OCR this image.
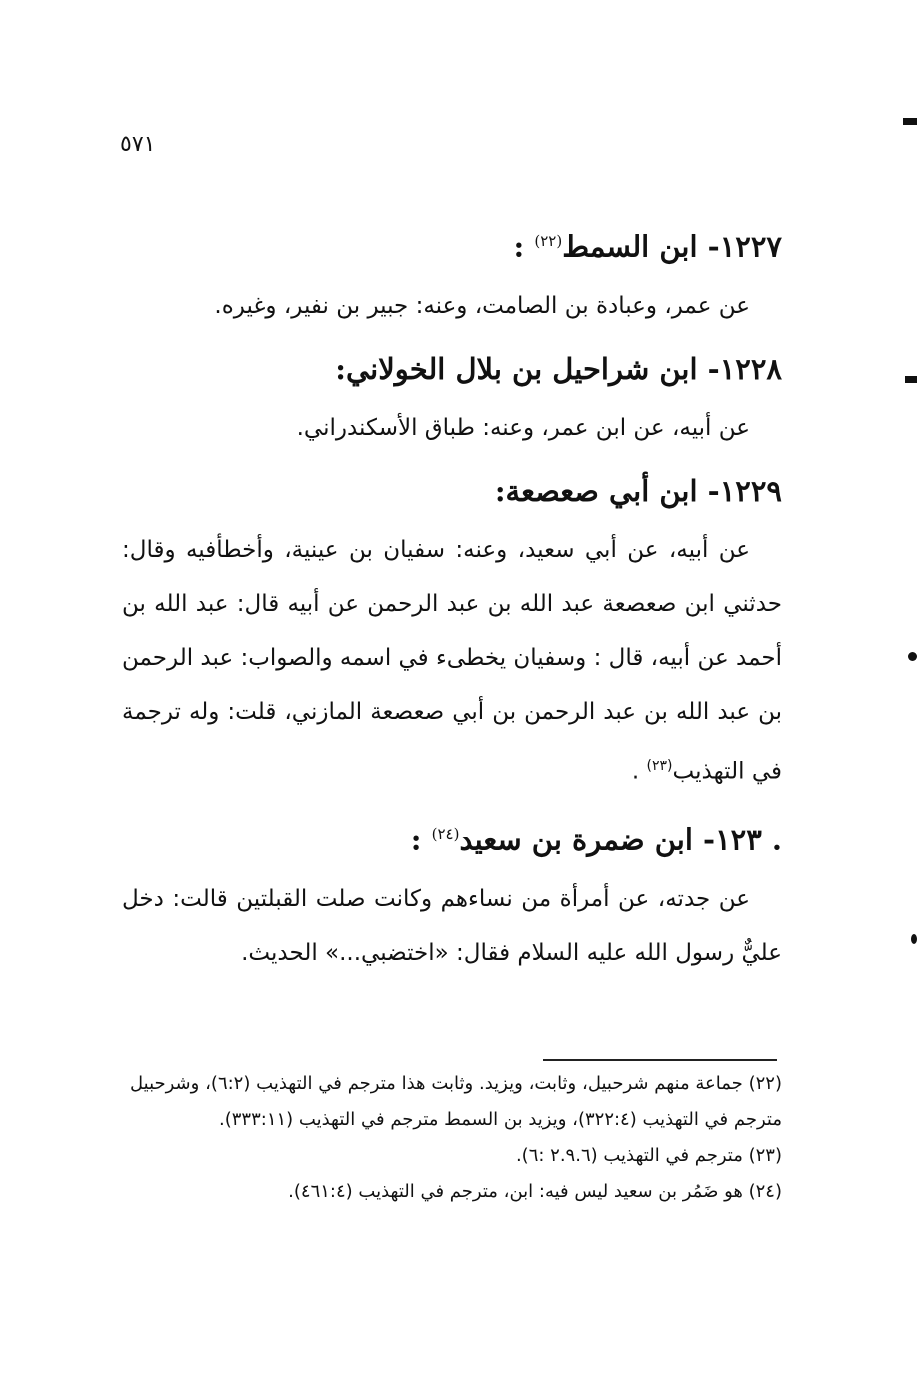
٥٧١
١٢٢٧- ابن السمط$^{(٢٢)}$ :

عن عمر، وعبادة بن الصامت، وعنه: جبير بن نفير، وغيره.

١٢٢٨- ابن شراحيل بن بلال الخولاني:

عن أبيه، عن ابن عمر، وعنه: طباق الأسكندراني.

١٢٢٩- ابن أبي صعصعة:

عن أبيه، عن أبي سعيد، وعنه: سفيان بن عينية، وأخطأفيه وقال: حدثني ابن صعصعة عبد الله بن عبد الرحمن عن أبيه قال: عبد الله بن أحمد عن أبيه، قال : وسفيان يخطىء في اسمه والصواب: عبد الرحمن بن عبد الله بن عبد الرحمن بن أبي صعصعة المازني، قلت: وله ترجمة في التهذيب$^{(٢٣)}$ .

. ١٢٣- ابن ضمرة بن سعيد$^{(٢٤)}$ :

عن جدته، عن أمرأة من نساءهم وكانت صلت القبلتين قالت: دخل عليٌّ رسول الله عليه السلام فقال: «اختضبي...» الحديث.

(٢٢) جماعة منهم شرحبيل، وثابت، ويزيد. وثابت هذا مترجم في التهذيب (٦:٢)، وشرحبيل مترجم في التهذيب (٣٢٢:٤)، ويزيد بن السمط مترجم في التهذيب (٣٣٣:١١).

(٢٣) مترجم في التهذيب (٢.٩.٦ :٦).

(٢٤) هو ضَمُر بن سعيد ليس فيه: ابن، مترجم في التهذيب (٤٦١:٤).
